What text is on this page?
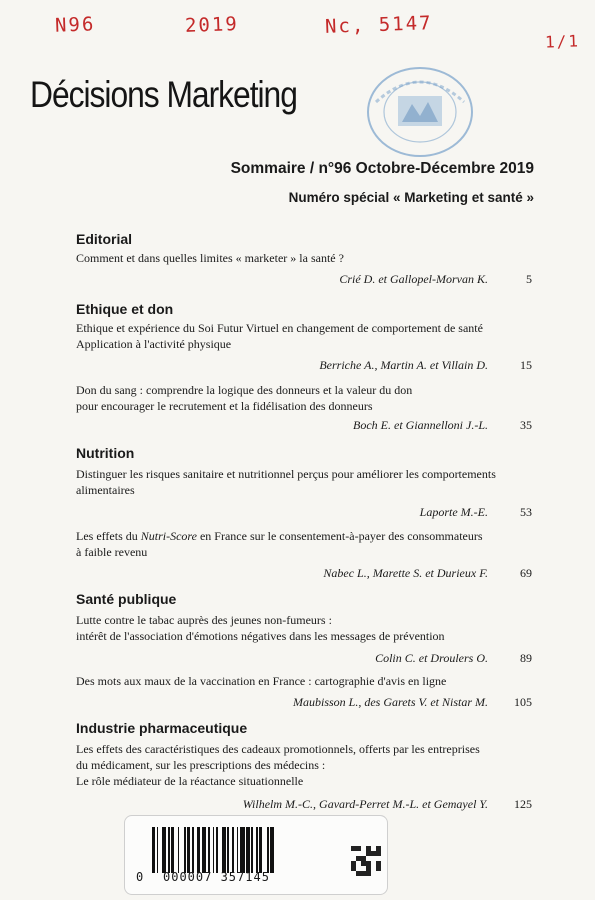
N96	2019	Nc, 5147
1/1
Décisions Marketing
Sommaire / n°96 Octobre-Décembre 2019
Numéro spécial « Marketing et santé »
Editorial
Comment et dans quelles limites « marketer » la santé ?
Crié D. et Gallopel-Morvan K.	5
Ethique et don
Ethique et expérience du Soi Futur Virtuel en changement de comportement de santé
Application à l'activité physique
Berriche A., Martin A. et Villain D.	15
Don du sang : comprendre la logique des donneurs et la valeur du don
pour encourager le recrutement et la fidélisation des donneurs
Boch E. et Giannelloni J.-L.	35
Nutrition
Distinguer les risques sanitaire et nutritionnel perçus pour améliorer les comportements
alimentaires
Laporte M.-E.	53
Les effets du Nutri-Score en France sur le consentement-à-payer des consommateurs
à faible revenu
Nabec L., Marette S. et Durieux F.	69
Santé publique
Lutte contre le tabac auprès des jeunes non-fumeurs :
intérêt de l'association d'émotions négatives dans les messages de prévention
Colin C. et Droulers O.	89
Des mots aux maux de la vaccination en France : cartographie d'avis en ligne
Maubisson L., des Garets V. et Nistar M. 105
Industrie pharmaceutique
Les effets des caractéristiques des cadeaux promotionnels, offerts par les entreprises
du médicament, sur les prescriptions des médecins :
Le rôle médiateur de la réactance situationnelle
Wilhelm M.-C., Gavard-Perret M.-L. et Gemayel Y. 125
0 000007 357145
